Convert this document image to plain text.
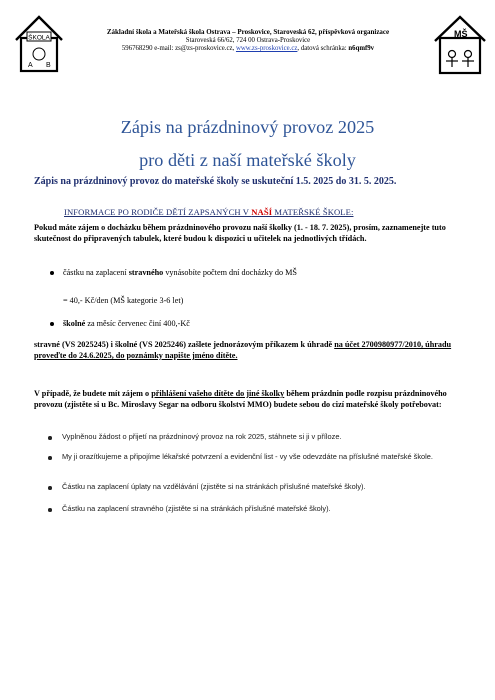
ŠKOLA
A B
Základní škola a Mateřská škola Ostrava – Proskovice, Staroveská 62, příspěvková organizace
Staroveská 66/62, 724 00 Ostrava-Proskovice
596768290 e-mail: zs@zs-proskovice.cz, www.zs-proskovice.cz, datová schránka: n6qmf9v
MŠ
Zápis na prázdninový provoz 2025
pro děti z naší mateřské školy
Zápis na prázdninový provoz do mateřské školy se uskuteční 1.5. 2025 do 31. 5. 2025.
INFORMACE PO RODIČE DĚTÍ ZAPSANÝCH V NAŠÍ MATEŘSKÉ ŠKOLE:
Pokud máte zájem o docházku během prázdninového provozu naší školky (1. - 18. 7. 2025), prosím, zaznamenejte tuto skutečnost do připravených tabulek, které budou k dispozici u učitelek na jednotlivých třídách.
částku na zaplacení stravného vynásobíte počtem dní docházky do MŠ
= 40,- Kč/den (MŠ kategorie 3-6 let)
školné za měsíc červenec činí 400,-Kč
stravné (VS 2025245) i školné (VS 2025246) zašlete jednorázovým příkazem k úhradě na účet 2700980977/2010, úhradu proveďte do 24.6.2025, do poznámky napište jméno dítěte.
V případě, že budete mít zájem o přihlášení vašeho dítěte do jiné školky během prázdnin podle rozpisu prázdninového provozu (zjistěte si u Bc. Miroslavy Segar na odboru školství MMO) budete sebou do cizí mateřské školy potřebovat:
Vyplněnou žádost o přijetí na prázdninový provoz na rok 2025, stáhnete si ji v příloze.
My ji orazítkujeme a připojíme lékařské potvrzení a evidenční list - vy vše odevzdáte na příslušné mateřské škole.
Částku na zaplacení úplaty na vzdělávání (zjistěte si na stránkách příslušné mateřské školy).
Částku na zaplacení stravného (zjistěte si na stránkách příslušné mateřské školy).
